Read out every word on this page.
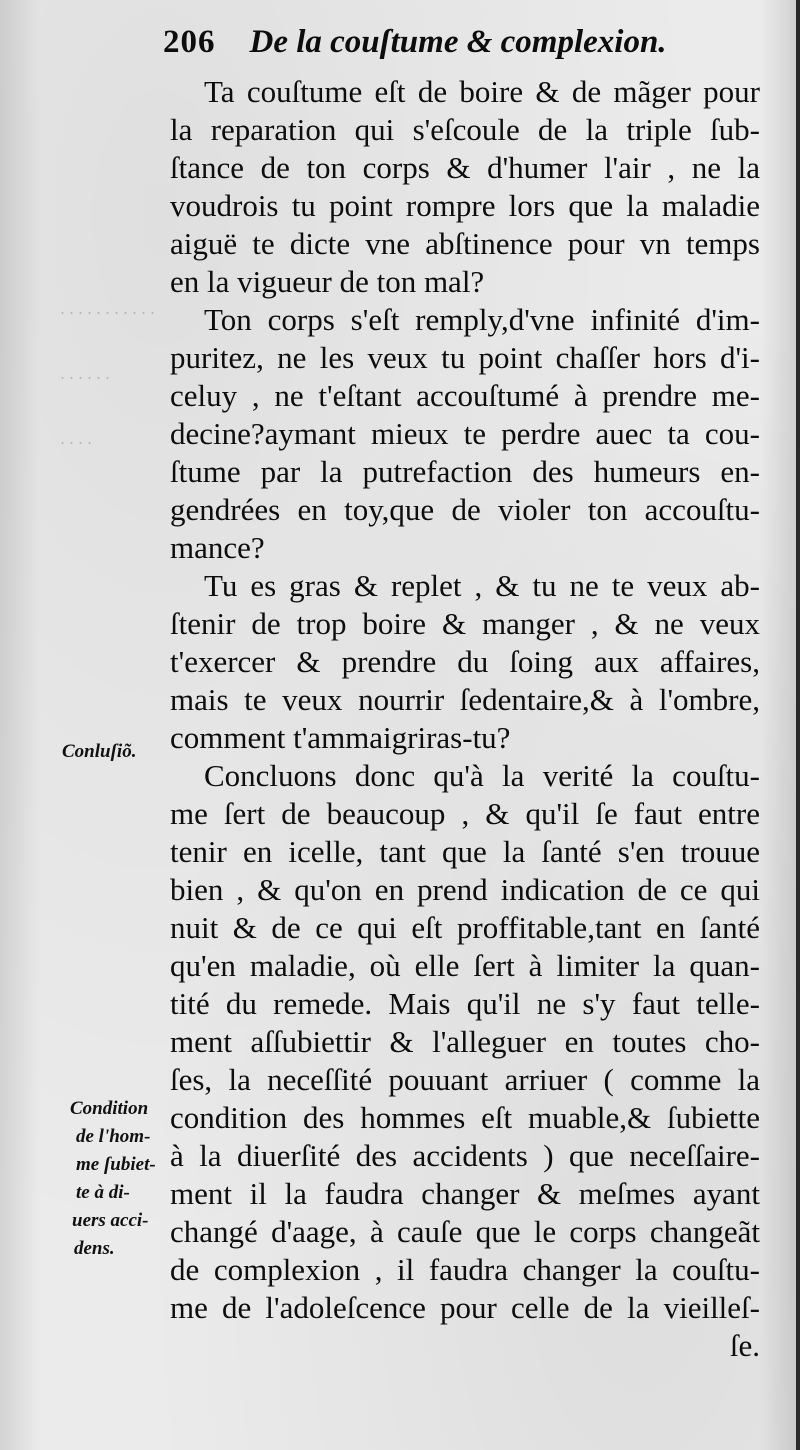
· · · · · · · · · · ·
· · · · · ·
· · · ·
206 De la couſtume & complexion.
Conluſiõ.
Condition
de l'hom-
me ſubiet-
te à di-
uers acci-
dens.
Ta couſtume eſt de boire & de mãger pour
la reparation qui s'eſcoule de la triple ſub-
ſtance de ton corps & d'humer l'air , ne la
voudrois tu point rompre lors que la maladie
aiguë te dicte vne abſtinence pour vn temps
en la vigueur de ton mal?
Ton corps s'eſt remply,d'vne infinité d'im-
puritez, ne les veux tu point chaſſer hors d'i-
celuy , ne t'eſtant accouſtumé à prendre me-
decine?aymant mieux te perdre auec ta cou-
ſtume par la putrefaction des humeurs en-
gendrées en toy,que de violer ton accouſtu-
mance?
Tu es gras & replet , & tu ne te veux ab-
ſtenir de trop boire & manger , & ne veux
t'exercer & prendre du ſoing aux affaires,
mais te veux nourrir ſedentaire,& à l'ombre,
comment t'ammaigriras-tu?
Concluons donc qu'à la verité la couſtu-
me ſert de beaucoup , & qu'il ſe faut entre
tenir en icelle, tant que la ſanté s'en trouue
bien , & qu'on en prend indication de ce qui
nuit & de ce qui eſt proffitable,tant en ſanté
qu'en maladie, où elle ſert à limiter la quan-
tité du remede. Mais qu'il ne s'y faut telle-
ment aſſubiettir & l'alleguer en toutes cho-
ſes, la neceſſité pouuant arriuer ( comme la
condition des hommes eſt muable,& ſubiette
à la diuerſité des accidents ) que neceſſaire-
ment il la faudra changer & meſmes ayant
changé d'aage, à cauſe que le corps changeãt
de complexion , il faudra changer la couſtu-
me de l'adoleſcence pour celle de la vieilleſ-
ſe.
